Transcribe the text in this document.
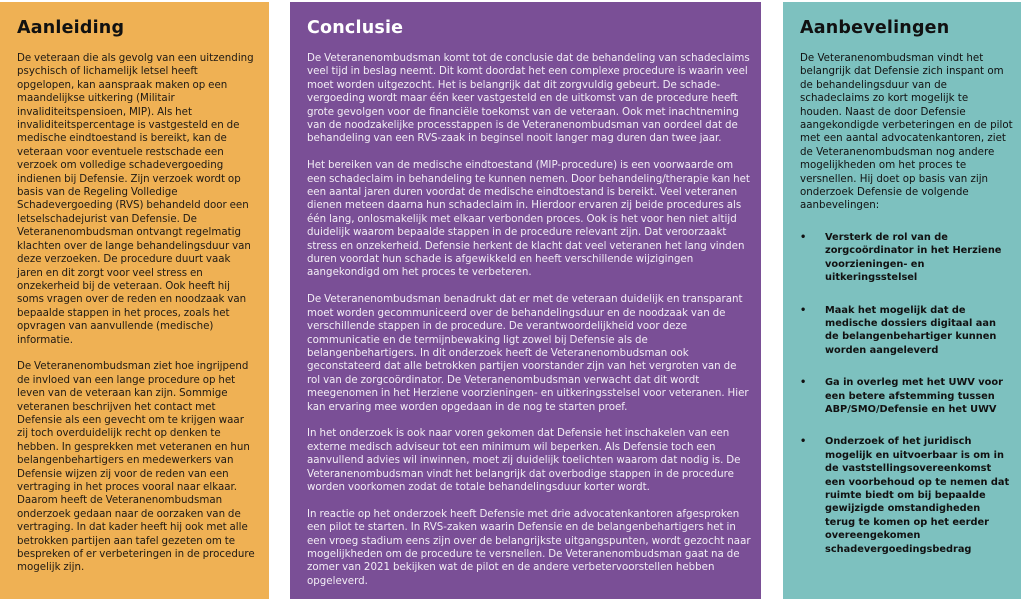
Aanleiding

De veteraan die als gevolg van een uitzending psychisch of lichamelijk letsel heeft opgelopen, kan aanspraak maken op een maandelijkse uitkering (Militair invaliditeitspensioen, MIP). Als het invaliditeitspercentage is vastgesteld en de medische eindtoestand is bereikt, kan de veteraan voor eventuele restschade een verzoek om volledige schadevergoeding indienen bij Defensie. Zijn verzoek wordt op basis van de Regeling Volledige Schadevergoeding (RVS) behandeld door een letselschadejurist van Defensie. De Veteranenombudsman ontvangt regelmatig klachten over de lange behandelingsduur van deze verzoeken. De procedure duurt vaak jaren en dit zorgt voor veel stress en onzekerheid bij de veteraan. Ook heeft hij soms vragen over de reden en noodzaak van bepaalde stappen in het proces, zoals het opvragen van aanvullende (medische) informatie.

De Veteranenombudsman ziet hoe ingrijpend de invloed van een lange procedure op het leven van de veteraan kan zijn. Sommige veteranen beschrijven het contact met Defensie als een gevecht om te krijgen waar zij toch overduidelijk recht op denken te hebben. In gesprekken met veteranen en hun belangenbehartigers en medewerkers van Defensie wijzen zij voor de reden van een vertraging in het proces vooral naar elkaar. Daarom heeft de Veteranenombudsman onderzoek gedaan naar de oorzaken van de vertraging. In dat kader heeft hij ook met alle betrokken partijen aan tafel gezeten om te bespreken of er verbeteringen in de procedure mogelijk zijn.

Conclusie

De Veteranenombudsman komt tot de conclusie dat de behandeling van schadeclaims veel tijd in beslag neemt. Dit komt doordat het een complexe procedure is waarin veel moet worden uitgezocht. Het is belangrijk dat dit zorgvuldig gebeurt. De schade-vergoeding wordt maar één keer vastgesteld en de uitkomst van de procedure heeft grote gevolgen voor de financiële toekomst van de veteraan. Ook met inachtneming van de noodzakelijke processtappen is de Veteranenombudsman van oordeel dat de behandeling van een RVS-zaak in beginsel nooit langer mag duren dan twee jaar.

Het bereiken van de medische eindtoestand (MIP-procedure) is een voorwaarde om een schadeclaim in behandeling te kunnen nemen. Door behandeling/therapie kan het een aantal jaren duren voordat de medische eindtoestand is bereikt. Veel veteranen dienen meteen daarna hun schadeclaim in. Hierdoor ervaren zij beide procedures als één lang, onlosmakelijk met elkaar verbonden proces. Ook is het voor hen niet altijd duidelijk waarom bepaalde stappen in de procedure relevant zijn. Dat veroorzaakt stress en onzekerheid. Defensie herkent de klacht dat veel veteranen het lang vinden duren voordat hun schade is afgewikkeld en heeft verschillende wijzigingen aangekondigd om het proces te verbeteren.

De Veteranenombudsman benadrukt dat er met de veteraan duidelijk en transparant moet worden gecommuniceerd over de behandelingsduur en de noodzaak van de verschillende stappen in de procedure. De verantwoordelijkheid voor deze communicatie en de termijnbewaking ligt zowel bij Defensie als de belangenbehartigers. In dit onderzoek heeft de Veteranenombudsman ook geconstateerd dat alle betrokken partijen voorstander zijn van het vergroten van de rol van de zorgcoördinator. De Veteranenombudsman verwacht dat dit wordt meegenomen in het Herziene voorzieningen- en uitkeringsstelsel voor veteranen. Hier kan ervaring mee worden opgedaan in de nog te starten proef.

In het onderzoek is ook naar voren gekomen dat Defensie het inschakelen van een externe medisch adviseur tot een minimum wil beperken. Als Defensie toch een aanvullend advies wil inwinnen, moet zij duidelijk toelichten waarom dat nodig is. De Veteranenombudsman vindt het belangrijk dat overbodige stappen in de procedure worden voorkomen zodat de totale behandelingsduur korter wordt.

In reactie op het onderzoek heeft Defensie met drie advocatenkantoren afgesproken een pilot te starten. In RVS-zaken waarin Defensie en de belangenbehartigers het in een vroeg stadium eens zijn over de belangrijkste uitgangspunten, wordt gezocht naar mogelijkheden om de procedure te versnellen. De Veteranenombudsman gaat na de zomer van 2021 bekijken wat de pilot en de andere verbetervoorstellen hebben opgeleverd.

Aanbevelingen

De Veteranenombudsman vindt het belangrijk dat Defensie zich inspant om de behandelingsduur van de schadeclaims zo kort mogelijk te houden. Naast de door Defensie aangekondigde verbeteringen en de pilot met een aantal advocatenkantoren, ziet de Veteranenombudsman nog andere mogelijkheden om het proces te versnellen. Hij doet op basis van zijn onderzoek Defensie de volgende aanbevelingen:

• Versterk de rol van de zorgcoördinator in het Herziene voorzieningen- en uitkeringsstelsel
• Maak het mogelijk dat de medische dossiers digitaal aan de belangenbehartiger kunnen worden aangeleverd
• Ga in overleg met het UWV voor een betere afstemming tussen ABP/SMO/Defensie en het UWV
• Onderzoek of het juridisch mogelijk en uitvoerbaar is om in de vaststellingsovereenkomst een voorbehoud op te nemen dat ruimte biedt om bij bepaalde gewijzigde omstandigheden terug te komen op het eerder overeengekomen schadevergoedingsbedrag
